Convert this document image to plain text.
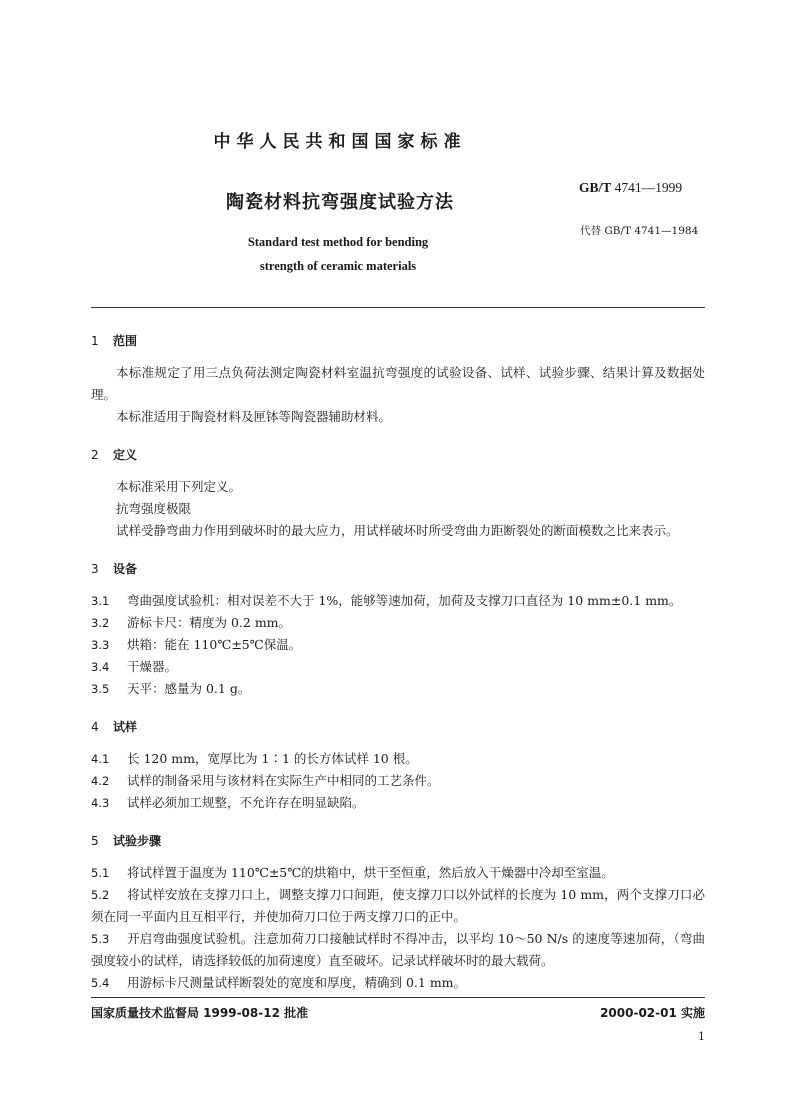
中华人民共和国国家标准
陶瓷材料抗弯强度试验方法
Standard test method for bending
strength of ceramic materials
GB/T 4741—1999
代替 GB/T 4741—1984
1 范围
本标准规定了用三点负荷法测定陶瓷材料室温抗弯强度的试验设备、试样、试验步骤、结果计算及数据处理。
本标准适用于陶瓷材料及匣钵等陶瓷器辅助材料。
2 定义
本标准采用下列定义。
抗弯强度极限
试样受静弯曲力作用到破坏时的最大应力，用试样破坏时所受弯曲力距断裂处的断面模数之比来表示。
3 设备
3.1 弯曲强度试验机：相对误差不大于 1%，能够等速加荷，加荷及支撑刀口直径为 10 mm±0.1 mm。
3.2 游标卡尺：精度为 0.2 mm。
3.3 烘箱：能在 110℃±5℃保温。
3.4 干燥器。
3.5 天平：感量为 0.1 g。
4 试样
4.1 长 120 mm，宽厚比为 1∶1 的长方体试样 10 根。
4.2 试样的制备采用与该材料在实际生产中相同的工艺条件。
4.3 试样必须加工规整，不允许存在明显缺陷。
5 试验步骤
5.1 将试样置于温度为 110℃±5℃的烘箱中，烘干至恒重，然后放入干燥器中冷却至室温。
5.2 将试样安放在支撑刀口上，调整支撑刀口间距，使支撑刀口以外试样的长度为 10 mm，两个支撑刀口必须在同一平面内且互相平行，并使加荷刀口位于两支撑刀口的正中。
5.3 开启弯曲强度试验机。注意加荷刀口接触试样时不得冲击，以平均 10～50 N/s 的速度等速加荷，（弯曲强度较小的试样，请选择较低的加荷速度）直至破坏。记录试样破坏时的最大载荷。
5.4 用游标卡尺测量试样断裂处的宽度和厚度，精确到 0.1 mm。
国家质量技术监督局 1999-08-12 批准	2000-02-01 实施
1
